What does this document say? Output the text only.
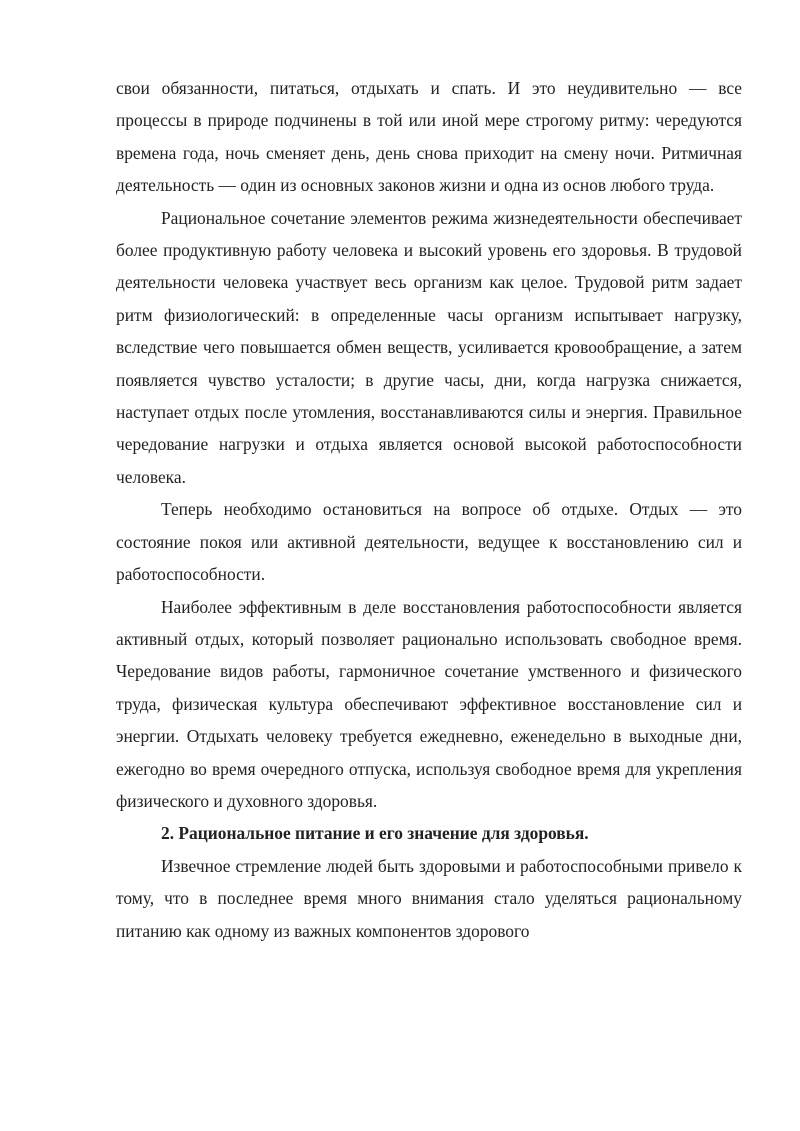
свои обязанности, питаться, отдыхать и спать. И это неудивительно — все процессы в природе подчинены в той или иной мере строгому ритму: чередуются времена года, ночь сменяет день, день снова приходит на смену ночи. Ритмичная деятельность — один из основных законов жизни и одна из основ любого труда.

Рациональное сочетание элементов режима жизнедеятельности обеспечивает более продуктивную работу человека и высокий уровень его здоровья. В трудовой деятельности человека участвует весь организм как целое. Трудовой ритм задает ритм физиологический: в определенные часы организм испытывает нагрузку, вследствие чего повышается обмен веществ, усиливается кровообращение, а затем появляется чувство усталости; в другие часы, дни, когда нагрузка снижается, наступает отдых после утомления, восстанавливаются силы и энергия. Правильное чередование нагрузки и отдыха является основой высокой работоспособности человека.

Теперь необходимо остановиться на вопросе об отдыхе. Отдых — это состояние покоя или активной деятельности, ведущее к восстановлению сил и работоспособности.

Наиболее эффективным в деле восстановления работоспособности является активный отдых, который позволяет рационально использовать свободное время. Чередование видов работы, гармоничное сочетание умственного и физического труда, физическая культура обеспечивают эффективное восстановление сил и энергии. Отдыхать человеку требуется ежедневно, еженедельно в выходные дни, ежегодно во время очередного отпуска, используя свободное время для укрепления физического и духовного здоровья.

2. Рациональное питание и его значение для здоровья.

Извечное стремление людей быть здоровыми и работоспособными привело к тому, что в последнее время много внимания стало уделяться рациональному питанию как одному из важных компонентов здорового
